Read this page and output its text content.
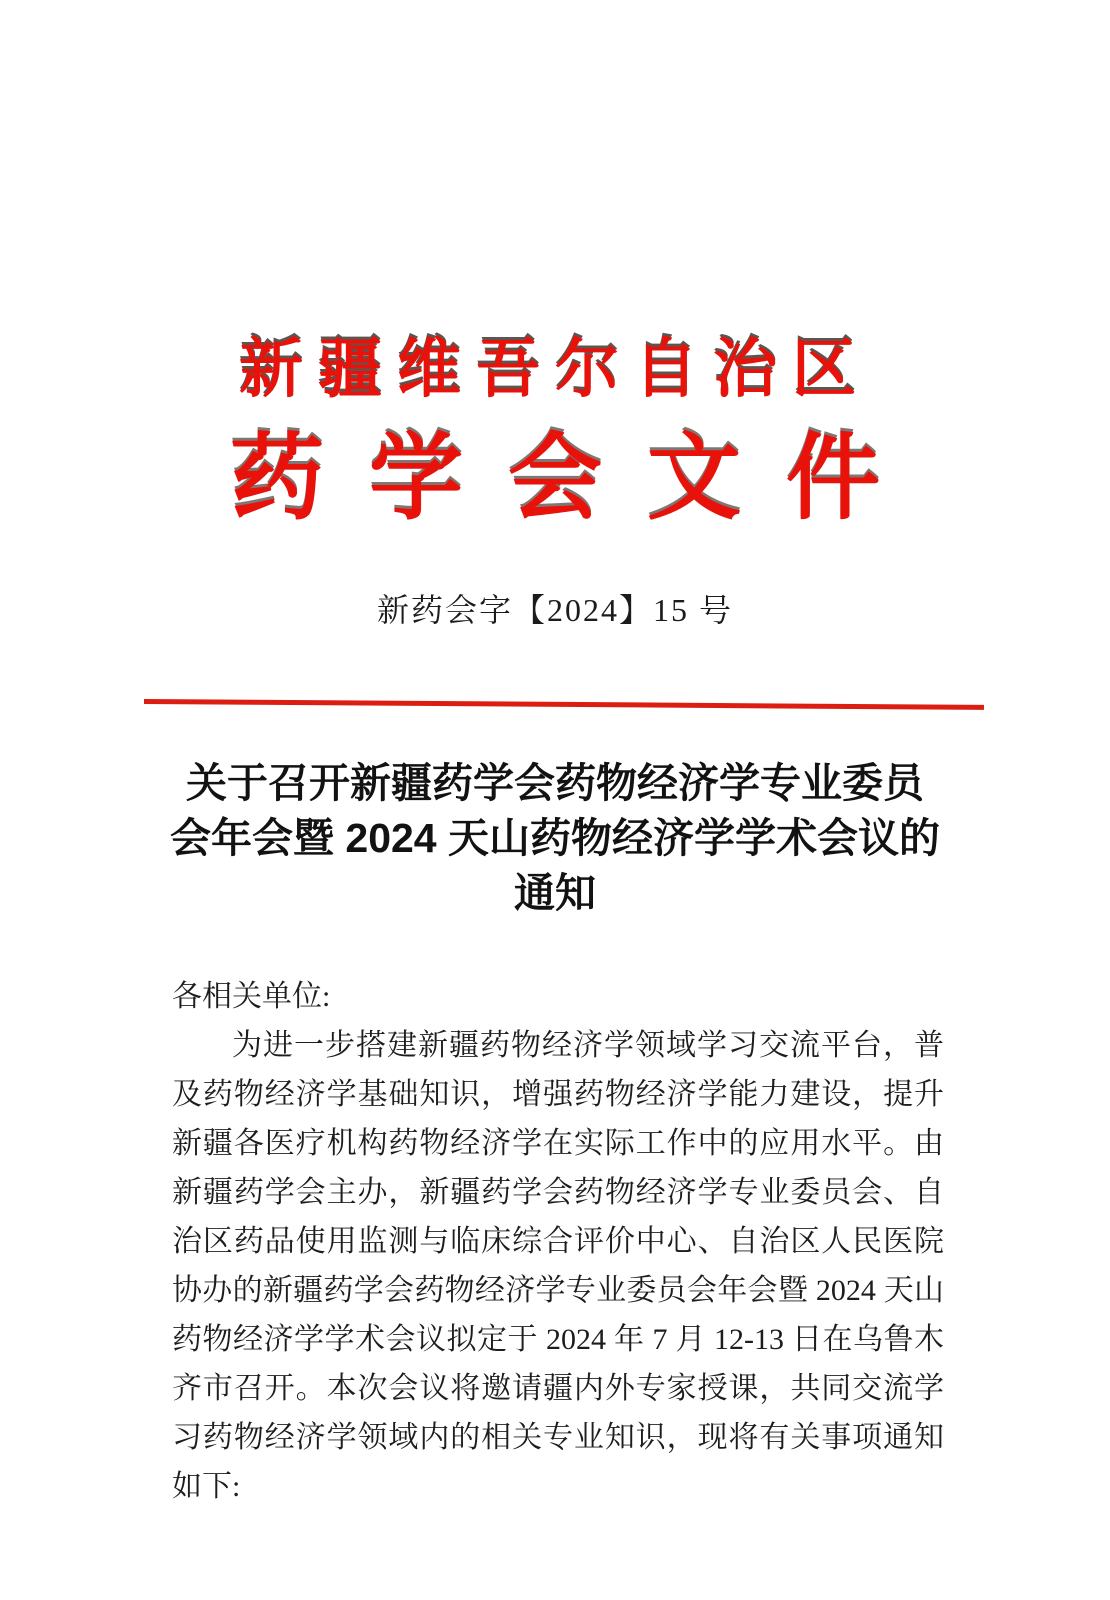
新疆维吾尔自治区
药学会文件
新药会字【2024】15 号
关于召开新疆药学会药物经济学专业委员
会年会暨 2024 天山药物经济学学术会议的
通知
各相关单位:
为进一步搭建新疆药物经济学领域学习交流平台，普及药物经济学基础知识，增强药物经济学能力建设，提升新疆各医疗机构药物经济学在实际工作中的应用水平。由新疆药学会主办，新疆药学会药物经济学专业委员会、自治区药品使用监测与临床综合评价中心、自治区人民医院协办的新疆药学会药物经济学专业委员会年会暨 2024 天山药物经济学学术会议拟定于 2024 年 7 月 12-13 日在乌鲁木齐市召开。本次会议将邀请疆内外专家授课，共同交流学习药物经济学领域内的相关专业知识，现将有关事项通知如下:
